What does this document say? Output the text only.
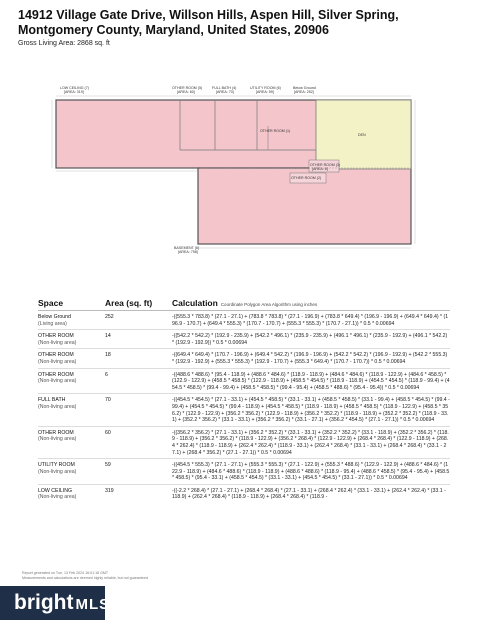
14912 Village Gate Drive, Willson Hills, Aspen Hill, Silver Spring, Montgomery County, Maryland, United States, 20906
Gross Living Area: 2868 sq. ft
LOW CEILING (7)
[AREA: 319]
OTHER ROOM (5)
[AREA: 60]
FULL BATH (4)
[AREA: 70]
UTILITY ROOM (6)
[AREA: 59]
Below Ground
[AREA: 252]
DEN
OTHER ROOM (3)
[AREA: 6]
OTHER ROOM (1)
OTHER ROOM (2)
BASEMENT (8)
[AREA: 798]
Space	Area (sq. ft)	Calculation Coordinate Polygon Area Algorithm using inches
Below Ground
(Living area)
252	-((555.3 * 783.8) * (27.1 - 27.1) + (783.8 * 783.8) * (27.1 - 196.9) + (783.8 * 649.4) * (196.9 - 196.9) + (649.4 * 649.4) * (196.9 - 170.7) + (649.4 * 555.3) * (170.7 - 170.7) + (555.3 * 555.3) * (170.7 - 27.1)) * 0.5 * 0.00694
OTHER ROOM
(Non-living area)
14	-((542.2 * 542.2) * (192.9 - 235.9) + (542.2 * 496.1) * (235.9 - 235.9) + (496.1 * 496.1) * (235.9 - 192.9) + (496.1 * 542.2) * (192.9 - 192.9)) * 0.5 * 0.00694
OTHER ROOM
(Non-living area)
18	-((649.4 * 649.4) * (170.7 - 196.9) + (649.4 * 542.2) * (196.9 - 196.9) + (542.2 * 542.2) * (196.9 - 192.9) + (542.2 * 555.3) * (192.9 - 192.9) + (555.3 * 555.3) * (192.9 - 170.7) + (555.3 * 649.4) * (170.7 - 170.7)) * 0.5 * 0.00694
OTHER ROOM
(Non-living area)
6	-((488.6 * 488.6) * (95.4 - 118.9) + (488.6 * 484.6) * (118.9 - 118.9) + (484.6 * 484.6) * (118.9 - 122.9) + (484.6 * 458.5) * (122.9 - 122.9) + (458.5 * 458.5) * (122.9 - 118.9) + (458.5 * 454.5) * (118.9 - 118.9) + (454.5 * 454.5) * (118.9 - 99.4) + (454.5 * 458.5) * (99.4 - 99.4) + (458.5 * 458.5) * (99.4 - 95.4) + (458.5 * 488.6) * (95.4 - 95.4)) * 0.5 * 0.00694
FULL BATH
(Non-living area)
70	-((454.5 * 454.5) * (27.1 - 33.1) + (454.5 * 458.5) * (33.1 - 33.1) + (458.5 * 458.5) * (33.1 - 99.4) + (458.5 * 454.5) * (99.4 - 99.4) + (454.5 * 454.5) * (99.4 - 118.9) + (454.5 * 458.5) * (118.9 - 118.9) + (458.5 * 458.5) * (118.9 - 122.9) + (458.5 * 356.2) * (122.9 - 122.9) + (356.2 * 356.2) * (122.9 - 118.9) + (356.2 * 352.2) * (118.9 - 118.9) + (352.2 * 352.2) * (118.9 - 33.1) + (352.2 * 356.2) * (33.1 - 33.1) + (356.2 * 356.2) * (33.1 - 27.1) + (356.2 * 454.5) * (27.1 - 27.1)) * 0.5 * 0.00694
OTHER ROOM
(Non-living area)
60	-((356.2 * 356.2) * (27.1 - 33.1) + (356.2 * 352.2) * (33.1 - 33.1) + (352.2 * 352.2) * (33.1 - 118.9) + (352.2 * 356.2) * (118.9 - 118.9) + (356.2 * 356.2) * (118.9 - 122.9) + (356.2 * 268.4) * (122.9 - 122.9) + (268.4 * 268.4) * (122.9 - 118.9) + (268.4 * 262.4) * (118.9 - 118.9) + (262.4 * 262.4) * (118.9 - 33.1) + (262.4 * 268.4) * (33.1 - 33.1) + (268.4 * 268.4) * (33.1 - 27.1) + (268.4 * 356.2) * (27.1 - 27.1)) * 0.5 * 0.00694
UTILITY ROOM
(Non-living area)
59	-((454.5 * 555.3) * (27.1 - 27.1) + (555.3 * 555.3) * (27.1 - 122.9) + (555.3 * 488.6) * (122.9 - 122.9) + (488.6 * 484.6) * (122.9 - 118.9) + (484.6 * 488.6) * (118.9 - 118.9) + (488.6 * 488.6) * (118.9 - 95.4) + (488.6 * 458.5) * (95.4 - 95.4) + (458.5 * 458.5) * (95.4 - 33.1) + (458.5 * 454.5) * (33.1 - 33.1) + (454.5 * 454.5) * (33.1 - 27.1)) * 0.5 * 0.00694
LOW CEILING
(Non-living area)
319	-((-2.2 * 268.4) * (27.1 - 27.1) + (268.4 * 268.4) * (27.1 - 33.1) + (268.4 * 262.4) * (33.1 - 33.1) + (262.4 * 262.4) * (33.1 - 118.9) + (262.4 * 268.4) * (118.9 - 118.9) + (268.4 * 268.4) * (118.9 -
Report generated on Tue, 13 Feb 2024 16:01:18 GMT
Measurements and calculations are deemed highly reliable, but not guaranteed
bright MLS
